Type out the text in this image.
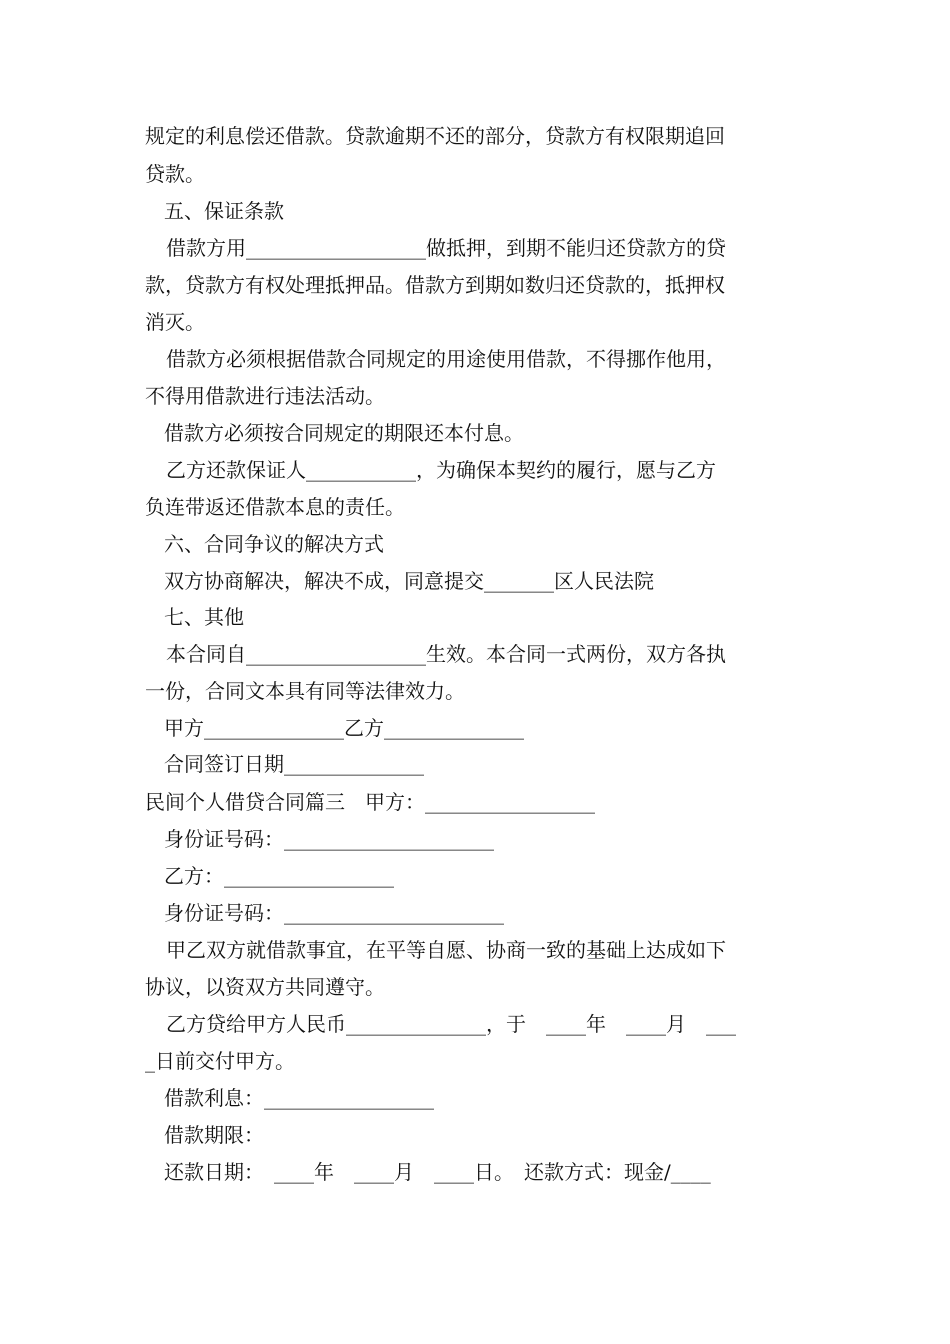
规定的利息偿还借款。贷款逾期不还的部分，贷款方有权限期追回
贷款。
五、保证条款
借款方用__________________做抵押，到期不能归还贷款方的贷
款，贷款方有权处理抵押品。借款方到期如数归还贷款的，抵押权
消灭。
借款方必须根据借款合同规定的用途使用借款，不得挪作他用，
不得用借款进行违法活动。
借款方必须按合同规定的期限还本付息。
乙方还款保证人___________，为确保本契约的履行，愿与乙方
负连带返还借款本息的责任。
六、合同争议的解决方式
双方协商解决，解决不成，同意提交_______区人民法院
七、其他
本合同自__________________生效。本合同一式两份，双方各执
一份，合同文本具有同等法律效力。
甲方______________乙方______________
合同签订日期______________
民间个人借贷合同篇三　甲方：_________________
身份证号码：_____________________
乙方：_________________
身份证号码：______________________
甲乙双方就借款事宜，在平等自愿、协商一致的基础上达成如下
协议，以资双方共同遵守。
乙方贷给甲方人民币______________，于　____年　____月　___
_日前交付甲方。
借款利息：_________________
借款期限：
还款日期：　____年　____月　____日。　还款方式：现金/____
